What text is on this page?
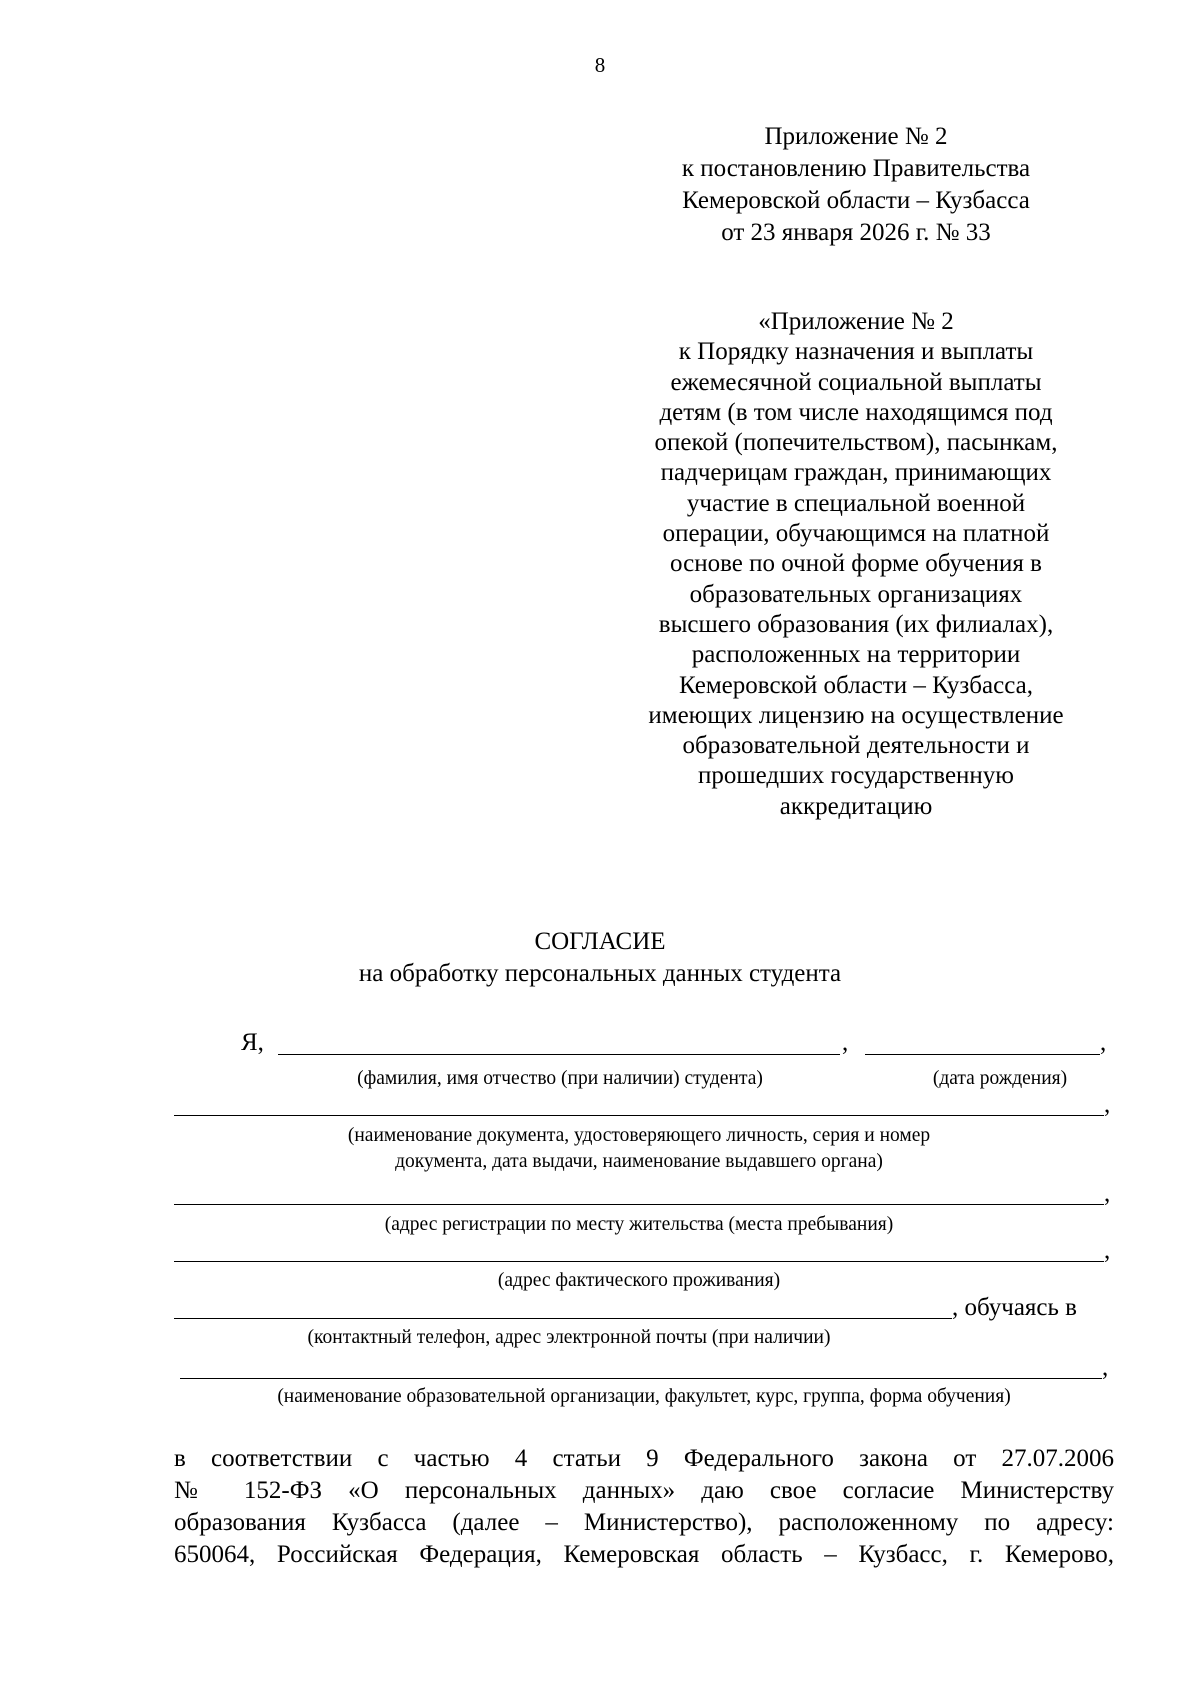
8
Приложение № 2
к постановлению Правительства
Кемеровской области – Кузбасса
от 23 января 2026 г. № 33
«Приложение № 2
к Порядку назначения и выплаты
ежемесячной социальной выплаты
детям (в том числе находящимся под
опекой (попечительством), пасынкам,
падчерицам граждан, принимающих
участие в специальной военной
операции, обучающимся на платной
основе по очной форме обучения в
образовательных организациях
высшего образования (их филиалах),
расположенных на территории
Кемеровской области – Кузбасса,
имеющих лицензию на осуществление
образовательной деятельности и
прошедших государственную
аккредитацию
СОГЛАСИЕ
на обработку персональных данных студента
Я,	,	,
(фамилия, имя отчество (при наличии) студента)	(дата рождения)
,
(наименование документа, удостоверяющего личность, серия и номер
документа, дата выдачи, наименование выдавшего органа)
,
(адрес регистрации по месту жительства (места пребывания)
,
(адрес фактического проживания)
, обучаясь в
(контактный телефон, адрес электронной почты (при наличии)
,
(наименование образовательной организации, факультет, курс, группа, форма обучения)
в соответствии с частью 4 статьи 9 Федерального закона от 27.07.2006
№ 152-ФЗ «О персональных данных» даю свое согласие Министерству
образования Кузбасса (далее – Министерство), расположенному по адресу:
650064, Российская Федерация, Кемеровская область – Кузбасс, г. Кемерово,
